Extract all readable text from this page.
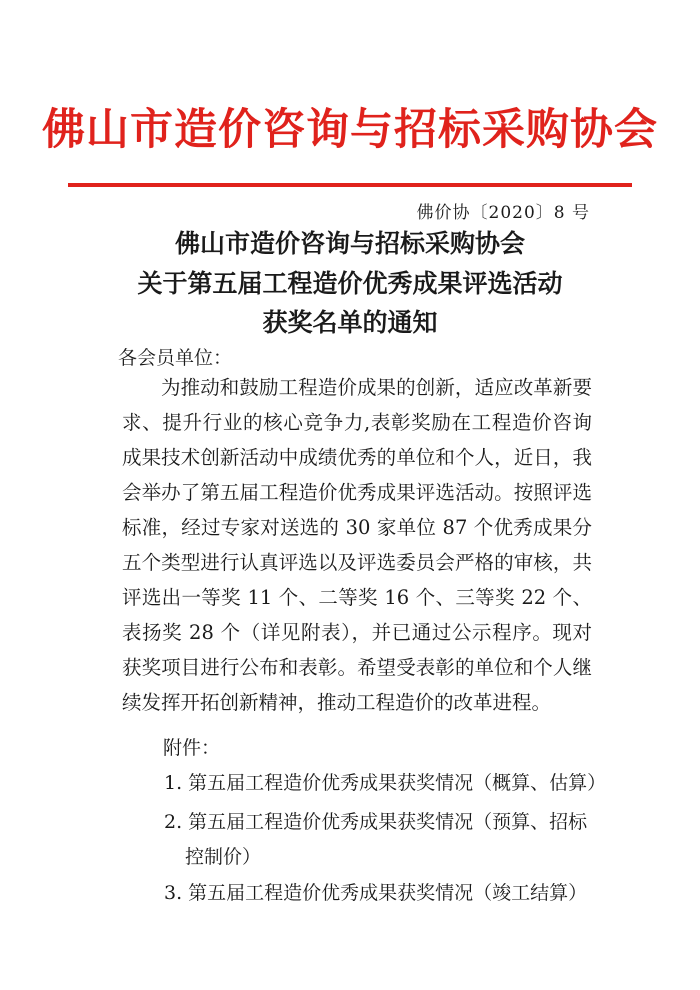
佛山市造价咨询与招标采购协会
佛价协〔2020〕8 号
佛山市造价咨询与招标采购协会
关于第五届工程造价优秀成果评选活动
获奖名单的通知
各会员单位：
为推动和鼓励工程造价成果的创新，适应改革新要求、提升行业的核心竞争力,表彰奖励在工程造价咨询成果技术创新活动中成绩优秀的单位和个人，近日，我会举办了第五届工程造价优秀成果评选活动。按照评选标准，经过专家对送选的 30 家单位 87 个优秀成果分五个类型进行认真评选以及评选委员会严格的审核，共评选出一等奖 11 个、二等奖 16 个、三等奖 22 个、表扬奖 28 个（详见附表），并已通过公示程序。现对获奖项目进行公布和表彰。希望受表彰的单位和个人继续发挥开拓创新精神，推动工程造价的改革进程。
附件：
1. 第五届工程造价优秀成果获奖情况（概算、估算）
2. 第五届工程造价优秀成果获奖情况（预算、招标
控制价）
3. 第五届工程造价优秀成果获奖情况（竣工结算）
